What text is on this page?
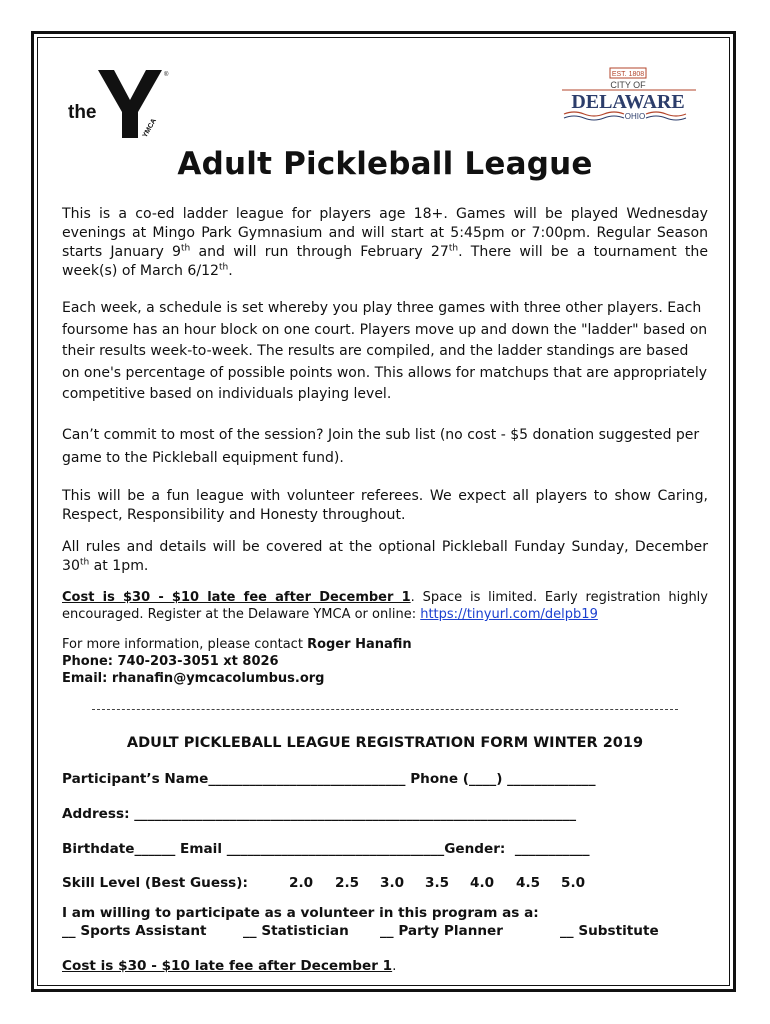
the
YMCA
®	EST. 1808
CITY OF
DELAWARE
OHIO
Adult Pickleball League
This is a co-ed ladder league for players age 18+. Games will be played Wednesday evenings at Mingo Park Gymnasium and will start at 5:45pm or 7:00pm. Regular Season starts January 9th and will run through February 27th. There will be a tournament the week(s) of March 6/12th.
Each week, a schedule is set whereby you play three games with three other players. Each foursome has an hour block on one court. Players move up and down the "ladder" based on their results week-to-week. The results are compiled, and the ladder standings are based on one's percentage of possible points won. This allows for matchups that are appropriately competitive based on individuals playing level.
Can’t commit to most of the session? Join the sub list (no cost - $5 donation suggested per game to the Pickleball equipment fund).
This will be a fun league with volunteer referees. We expect all players to show Caring, Respect, Responsibility and Honesty throughout.
All rules and details will be covered at the optional Pickleball Funday Sunday, December 30th at 1pm.
Cost is $30 - $10 late fee after December 1. Space is limited. Early registration highly encouraged. Register at the Delaware YMCA or online: https://tinyurl.com/delpb19
For more information, please contact Roger Hanafin
Phone: 740-203-3051 xt 8026
Email: rhanafin@ymcacolumbus.org
ADULT PICKLEBALL LEAGUE REGISTRATION FORM WINTER 2019
Participant’s Name_____________________________ Phone (____) _____________
Address: _________________________________________________________________
Birthdate______ Email ________________________________Gender:  ___________
Skill Level (Best Guess):	2.0 2.5 3.0 3.5 4.0 4.5 5.0
I am willing to participate as a volunteer in this program as a:
__ Sports Assistant	__ Statistician __ Party Planner	__ Substitute
Cost is $30 - $10 late fee after December 1.
